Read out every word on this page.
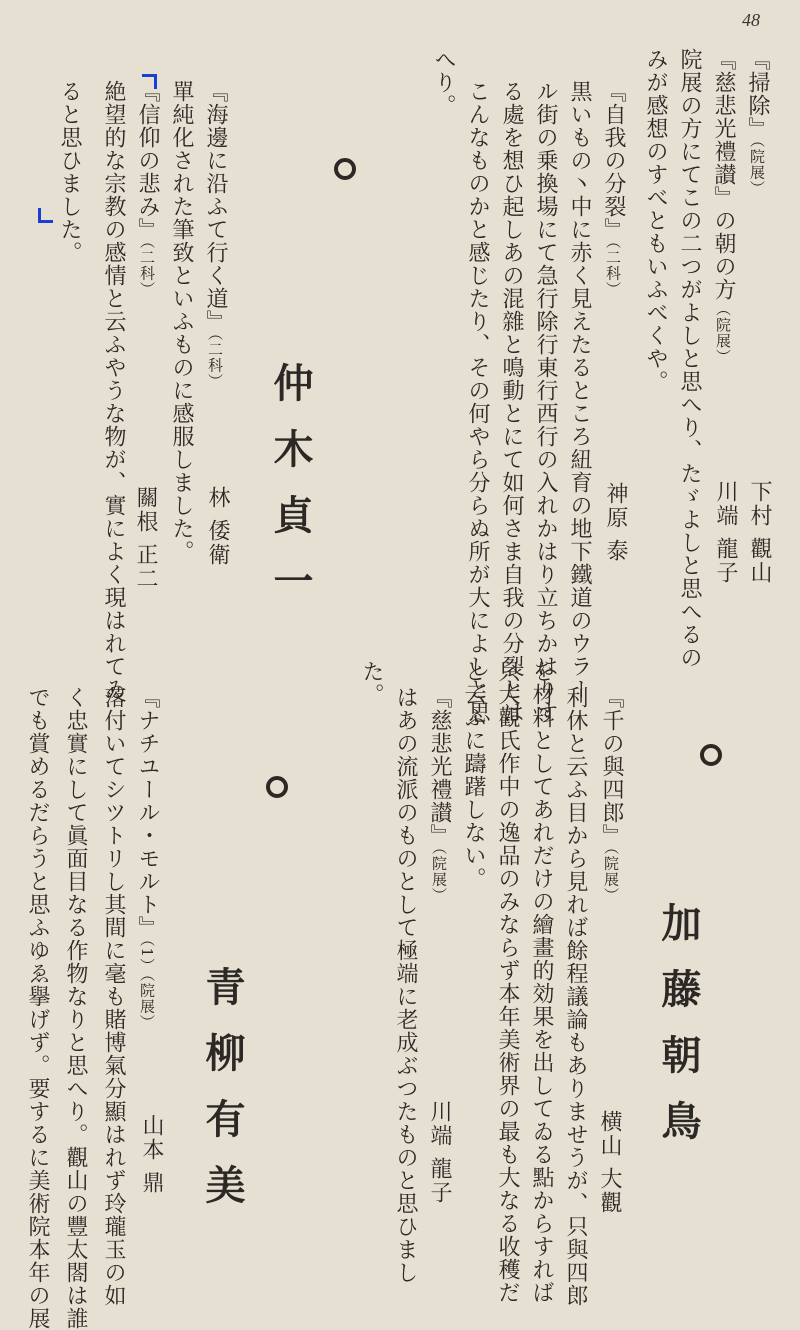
48
『掃除』（院展）
『慈悲光禮讃』の朝の方（院展）
院展の方にてこの二つがよしと思へり、たゞよしと思へるの
みが感想のすべともいふべくや。
下村 觀山
川端 龍子
『自我の分裂』（二科）
神原 泰
黒いもの丶中に赤く見えたるところ紐育の地下鐵道のウラー
ル街の乗換場にて急行除行東行西行の入れかはり立ちかはりす
る處を想ひ起しあの混雜と鳴動とにて如何さま自我の分裂とは
こんなものかと感じたり、その何やら分らぬ所が大によしと思
へり。
仲木貞一
『海邊に沿ふて行く道』（二科）
林 倭衛
單純化された筆致といふものに感服しました。
『信仰の悲み』（二科）
關根 正二
絶望的な宗教の感情と云ふやうな物が、實によく現はれてゐ
ると思ひました。
加藤朝鳥
『千の與四郎』（院展）
横山 大觀
利休と云ふ目から見れば餘程議論もありませうが、只與四郎
を材料としてあれだけの繪畫的効果を出してゐる點からすれば
只大觀氏作中の逸品のみならず本年美術界の最も大なる收穫だ
と云ふに躊躇しない。
『慈悲光禮讃』（院展）
川端 龍子
はあの流派のものとして極端に老成ぶつたものと思ひまし
た。
青柳有美
『ナチユール・モルト』（1）（院展）
山本 鼎
落付いてシツトリし其間に毫も賭博氣分顯はれず玲瓏玉の如
く忠實にして眞面目なる作物なりと思へり。觀山の豐太閤は誰
でも賞めるだらうと思ふゆゑ擧げず。要するに美術院本年の展
